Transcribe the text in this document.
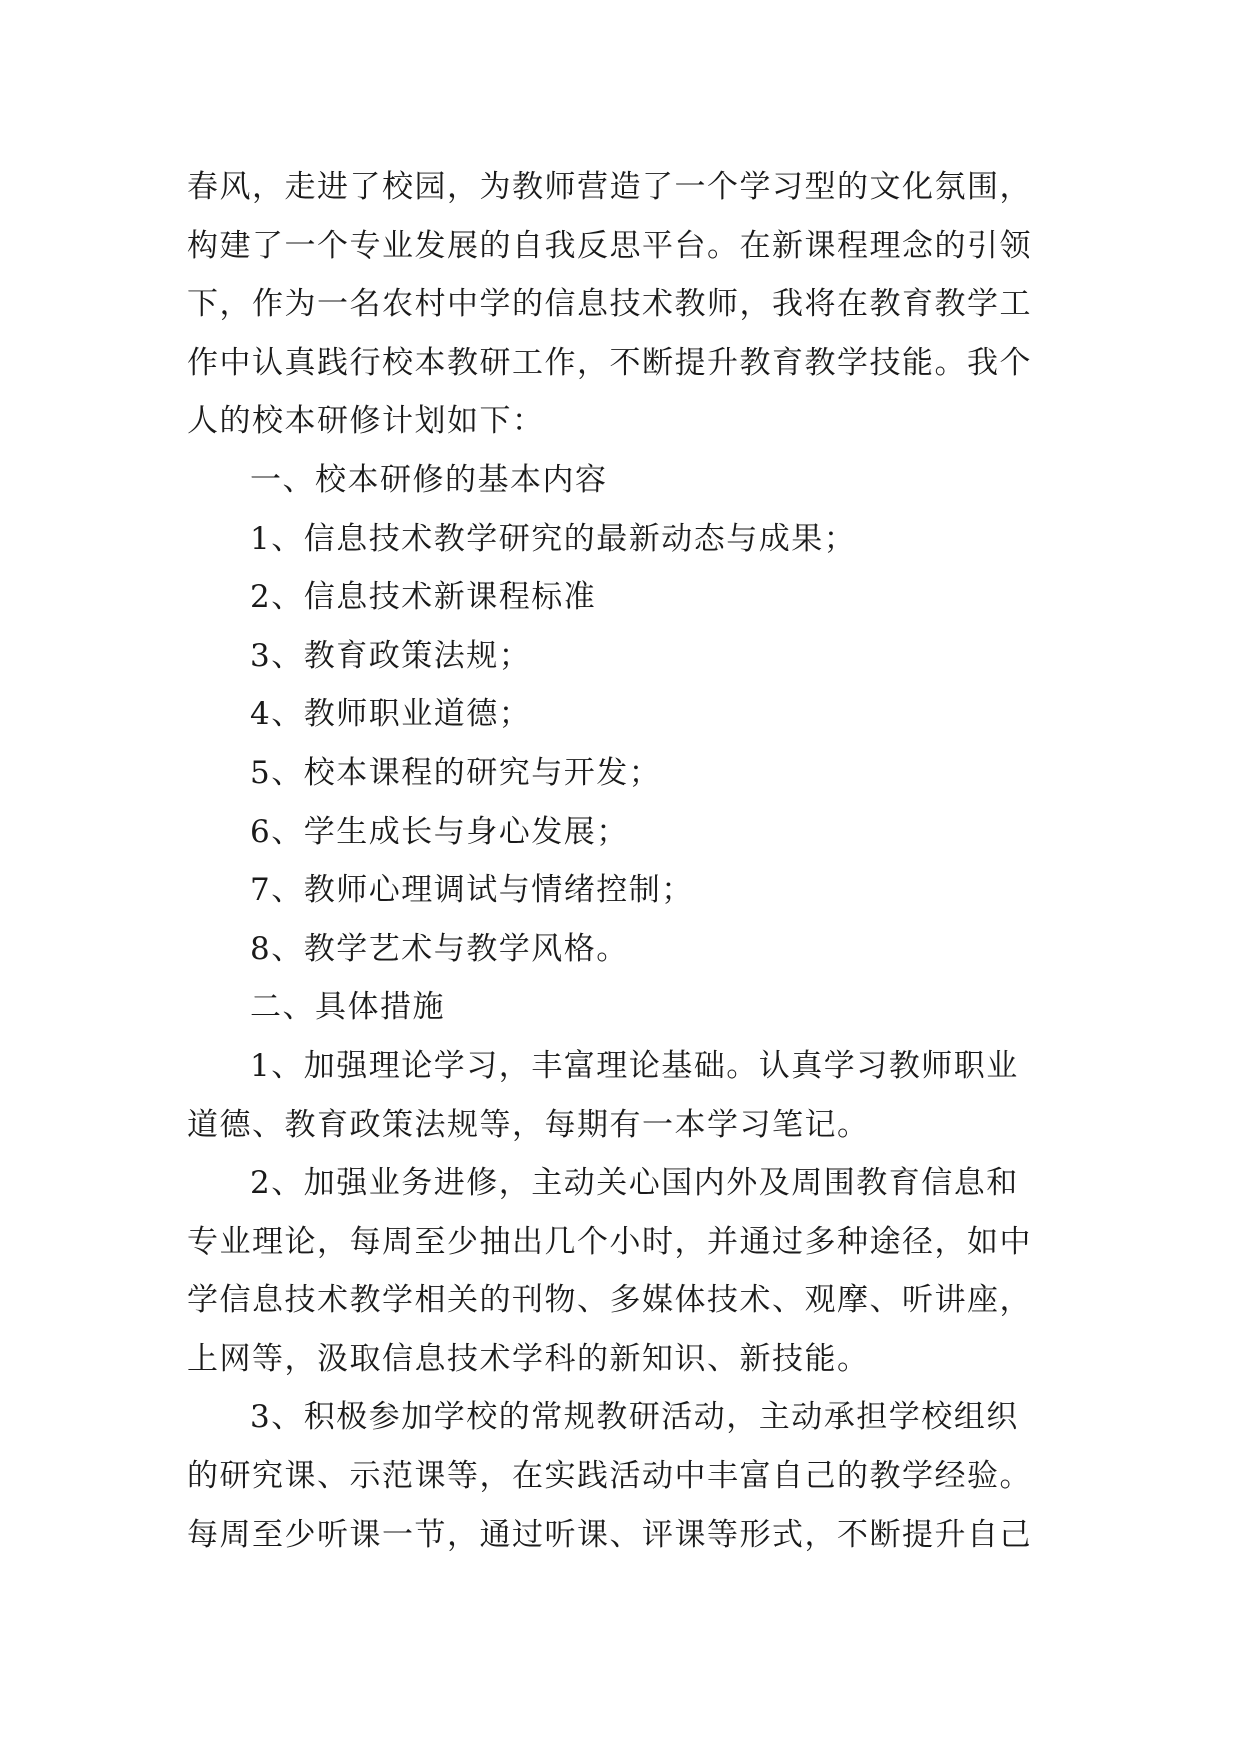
春风，走进了校园，为教师营造了一个学习型的文化氛围，
构建了一个专业发展的自我反思平台。在新课程理念的引领
下，作为一名农村中学的信息技术教师，我将在教育教学工
作中认真践行校本教研工作，不断提升教育教学技能。我个
人的校本研修计划如下：
一、校本研修的基本内容
1、信息技术教学研究的最新动态与成果；
2、信息技术新课程标准
3、教育政策法规；
4、教师职业道德；
5、校本课程的研究与开发；
6、学生成长与身心发展；
7、教师心理调试与情绪控制；
8、教学艺术与教学风格。
二、具体措施
1、加强理论学习，丰富理论基础。认真学习教师职业
道德、教育政策法规等，每期有一本学习笔记。
2、加强业务进修，主动关心国内外及周围教育信息和
专业理论，每周至少抽出几个小时，并通过多种途径，如中
学信息技术教学相关的刊物、多媒体技术、观摩、听讲座，
上网等，汲取信息技术学科的新知识、新技能。
3、积极参加学校的常规教研活动，主动承担学校组织
的研究课、示范课等，在实践活动中丰富自己的教学经验。
每周至少听课一节，通过听课、评课等形式，不断提升自己
